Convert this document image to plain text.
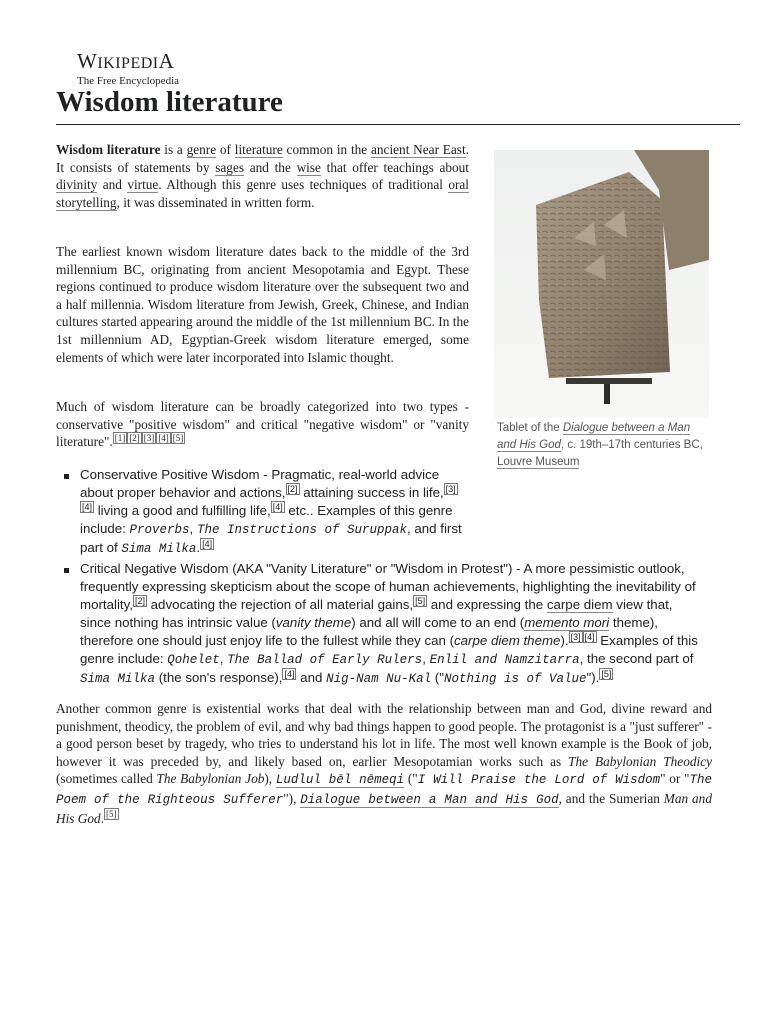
WIKIPEDIA
The Free Encyclopedia
Wisdom literature

Wisdom literature is a genre of literature common in the ancient Near East. It consists of statements by sages and the wise that offer teachings about divinity and virtue. Although this genre uses techniques of traditional oral storytelling, it was disseminated in written form.

The earliest known wisdom literature dates back to the middle of the 3rd millennium BC, originating from ancient Mesopotamia and Egypt. These regions continued to produce wisdom literature over the subsequent two and a half millennia. Wisdom literature from Jewish, Greek, Chinese, and Indian cultures started appearing around the middle of the 1st millennium BC. In the 1st millennium AD, Egyptian-Greek wisdom literature emerged, some elements of which were later incorporated into Islamic thought.

Much of wisdom literature can be broadly categorized into two types - conservative "positive wisdom" and critical "negative wisdom" or "vanity literature". [1] [2] [3] [4] [5]

Tablet of the Dialogue between a Man and His God, c. 19th–17th centuries BC, Louvre Museum

Conservative Positive Wisdom - Pragmatic, real-world advice about proper behavior and actions, [2] attaining success in life, [3][4] living a good and fulfilling life, [4] etc.. Examples of this genre include: Proverbs, The Instructions of Suruppak, and first part of Sima Milka. [4]
Critical Negative Wisdom (AKA "Vanity Literature" or "Wisdom in Protest") - A more pessimistic outlook, frequently expressing skepticism about the scope of human achievements, highlighting the inevitability of mortality, [2] advocating the rejection of all material gains, [5] and expressing the carpe diem view that, since nothing has intrinsic value (vanity theme) and all will come to an end (memento mori theme), therefore one should just enjoy life to the fullest while they can (carpe diem theme). [3] [4] Examples of this genre include: Qohelet, The Ballad of Early Rulers, Enlil and Namzitarra, the second part of Sima Milka (the son's response), [4] and Nig-Nam Nu-Kal ("Nothing is of Value"). [5]

Another common genre is existential works that deal with the relationship between man and God, divine reward and punishment, theodicy, the problem of evil, and why bad things happen to good people. The protagonist is a "just sufferer" - a good person beset by tragedy, who tries to understand his lot in life. The most well known example is the Book of job, however it was preceded by, and likely based on, earlier Mesopotamian works such as The Babylonian Theodicy (sometimes called The Babylonian Job), Ludlul bēl nēmeqi ("I Will Praise the Lord of Wisdom" or "The Poem of the Righteous Sufferer"), Dialogue between a Man and His God, and the Sumerian Man and His God. [5]
